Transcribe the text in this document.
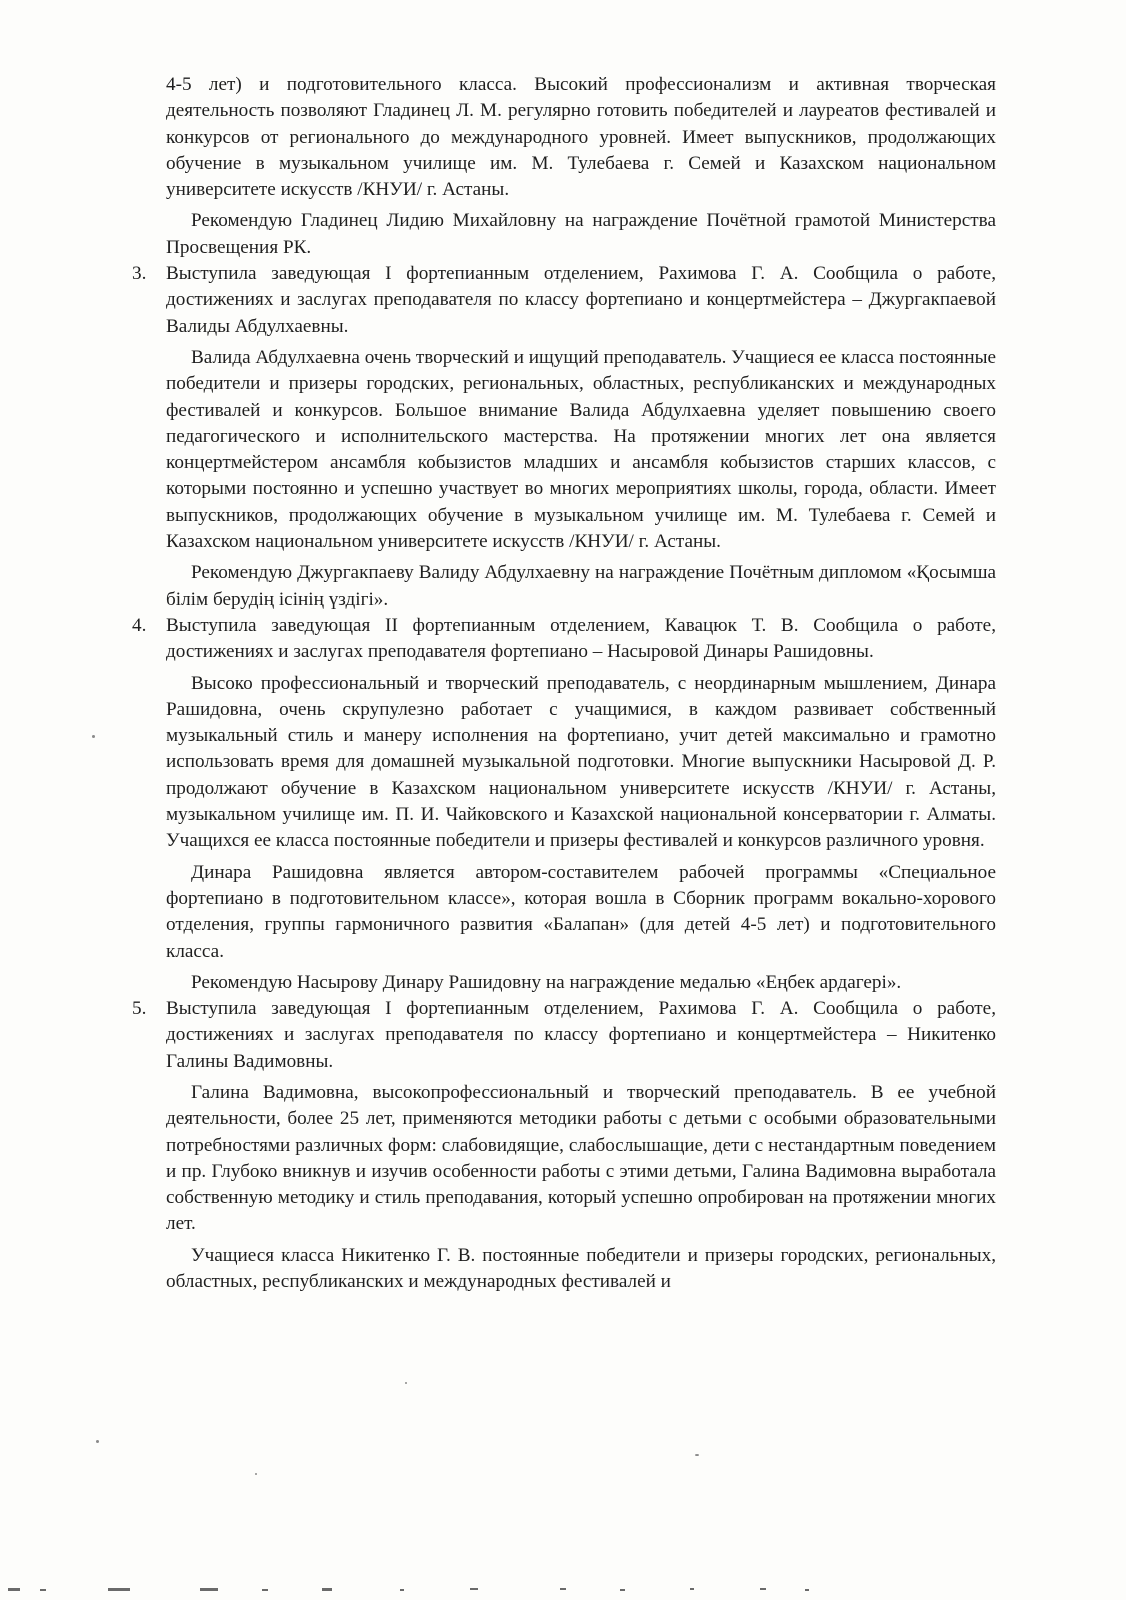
4-5 лет) и подготовительного класса. Высокий профессионализм и активная творческая деятельность позволяют Гладинец Л. М. регулярно готовить победителей и лауреатов фестивалей и конкурсов от регионального до международного уровней. Имеет выпускников, продолжающих обучение в музыкальном училище им. М. Тулебаева г. Семей и Казахском национальном университете искусств /КНУИ/ г. Астаны.

Рекомендую Гладинец Лидию Михайловну на награждение Почётной грамотой Министерства Просвещения РК.

3. Выступила заведующая I фортепианным отделением, Рахимова Г. А. Сообщила о работе, достижениях и заслугах преподавателя по классу фортепиано и концертмейстера – Джургакпаевой Валиды Абдулхаевны.

Валида Абдулхаевна очень творческий и ищущий преподаватель. Учащиеся ее класса постоянные победители и призеры городских, региональных, областных, республиканских и международных фестивалей и конкурсов. Большое внимание Валида Абдулхаевна уделяет повышению своего педагогического и исполнительского мастерства. На протяжении многих лет она является концертмейстером ансамбля кобызистов младших и ансамбля кобызистов старших классов, с которыми постоянно и успешно участвует во многих мероприятиях школы, города, области. Имеет выпускников, продолжающих обучение в музыкальном училище им. М. Тулебаева г. Семей и Казахском национальном университете искусств /КНУИ/ г. Астаны.

Рекомендую Джургакпаеву Валиду Абдулхаевну на награждение Почётным дипломом «Қосымша білім берудің ісінің үздігі».

4. Выступила заведующая II фортепианным отделением, Кавацюк Т. В. Сообщила о работе, достижениях и заслугах преподавателя фортепиано – Насыровой Динары Рашидовны.

Высоко профессиональный и творческий преподаватель, с неординарным мышлением, Динара Рашидовна, очень скрупулезно работает с учащимися, в каждом развивает собственный музыкальный стиль и манеру исполнения на фортепиано, учит детей максимально и грамотно использовать время для домашней музыкальной подготовки. Многие выпускники Насыровой Д. Р. продолжают обучение в Казахском национальном университете искусств /КНУИ/ г. Астаны, музыкальном училище им. П. И. Чайковского и Казахской национальной консерватории г. Алматы. Учащихся ее класса постоянные победители и призеры фестивалей и конкурсов различного уровня.

Динара Рашидовна является автором-составителем рабочей программы «Специальное фортепиано в подготовительном классе», которая вошла в Сборник программ вокально-хорового отделения, группы гармоничного развития «Балапан» (для детей 4-5 лет) и подготовительного класса.

Рекомендую Насырову Динару Рашидовну на награждение медалью «Еңбек ардагері».

5. Выступила заведующая I фортепианным отделением, Рахимова Г. А. Сообщила о работе, достижениях и заслугах преподавателя по классу фортепиано и концертмейстера – Никитенко Галины Вадимовны.

Галина Вадимовна, высокопрофессиональный и творческий преподаватель. В ее учебной деятельности, более 25 лет, применяются методики работы с детьми с особыми образовательными потребностями различных форм: слабовидящие, слабослышащие, дети с нестандартным поведением и пр. Глубоко вникнув и изучив особенности работы с этими детьми, Галина Вадимовна выработала собственную методику и стиль преподавания, который успешно опробирован на протяжении многих лет.

Учащиеся класса Никитенко Г. В. постоянные победители и призеры городских, региональных, областных, республиканских и международных фестивалей и
